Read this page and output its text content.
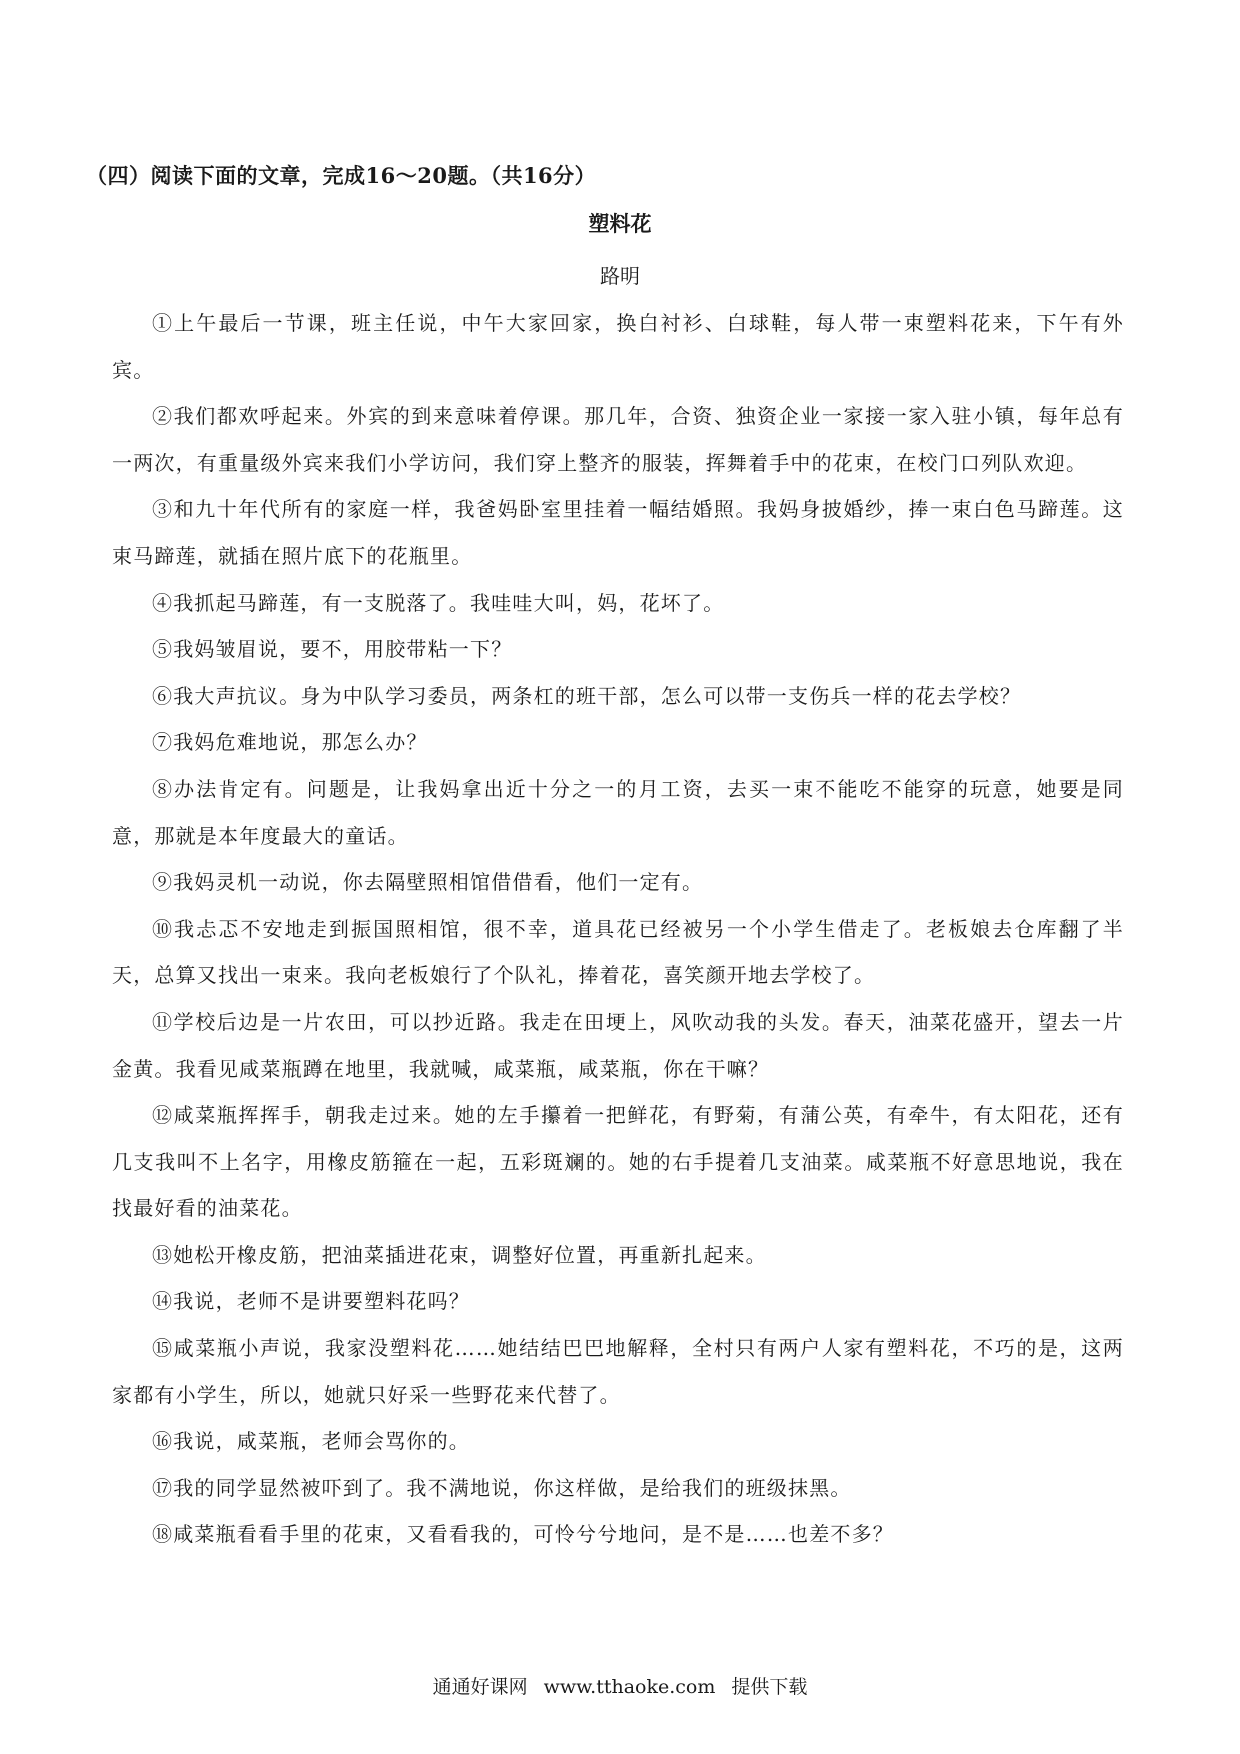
（四）阅读下面的文章，完成16～20题。（共16分）
塑料花
路明

①上午最后一节课，班主任说，中午大家回家，换白衬衫、白球鞋，每人带一束塑料花来，下午有外宾。

②我们都欢呼起来。外宾的到来意味着停课。那几年，合资、独资企业一家接一家入驻小镇，每年总有一两次，有重量级外宾来我们小学访问，我们穿上整齐的服装，挥舞着手中的花束，在校门口列队欢迎。

③和九十年代所有的家庭一样，我爸妈卧室里挂着一幅结婚照。我妈身披婚纱，捧一束白色马蹄莲。这束马蹄莲，就插在照片底下的花瓶里。

④我抓起马蹄莲，有一支脱落了。我哇哇大叫，妈，花坏了。

⑤我妈皱眉说，要不，用胶带粘一下？

⑥我大声抗议。身为中队学习委员，两条杠的班干部，怎么可以带一支伤兵一样的花去学校？

⑦我妈危难地说，那怎么办？

⑧办法肯定有。问题是，让我妈拿出近十分之一的月工资，去买一束不能吃不能穿的玩意，她要是同意，那就是本年度最大的童话。

⑨我妈灵机一动说，你去隔壁照相馆借借看，他们一定有。

⑩我忐忑不安地走到振国照相馆，很不幸，道具花已经被另一个小学生借走了。老板娘去仓库翻了半天，总算又找出一束来。我向老板娘行了个队礼，捧着花，喜笑颜开地去学校了。

⑪学校后边是一片农田，可以抄近路。我走在田埂上，风吹动我的头发。春天，油菜花盛开，望去一片金黄。我看见咸菜瓶蹲在地里，我就喊，咸菜瓶，咸菜瓶，你在干嘛？

⑫咸菜瓶挥挥手，朝我走过来。她的左手攥着一把鲜花，有野菊，有蒲公英，有牵牛，有太阳花，还有几支我叫不上名字，用橡皮筋箍在一起，五彩斑斓的。她的右手提着几支油菜。咸菜瓶不好意思地说，我在找最好看的油菜花。

⑬她松开橡皮筋，把油菜插进花束，调整好位置，再重新扎起来。

⑭我说，老师不是讲要塑料花吗？

⑮咸菜瓶小声说，我家没塑料花……她结结巴巴地解释，全村只有两户人家有塑料花，不巧的是，这两家都有小学生，所以，她就只好采一些野花来代替了。

⑯我说，咸菜瓶，老师会骂你的。

⑰我的同学显然被吓到了。我不满地说，你这样做，是给我们的班级抹黑。

⑱咸菜瓶看看手里的花束，又看看我的，可怜兮兮地问，是不是……也差不多？

通通好课网 www.tthaoke.com 提供下载
